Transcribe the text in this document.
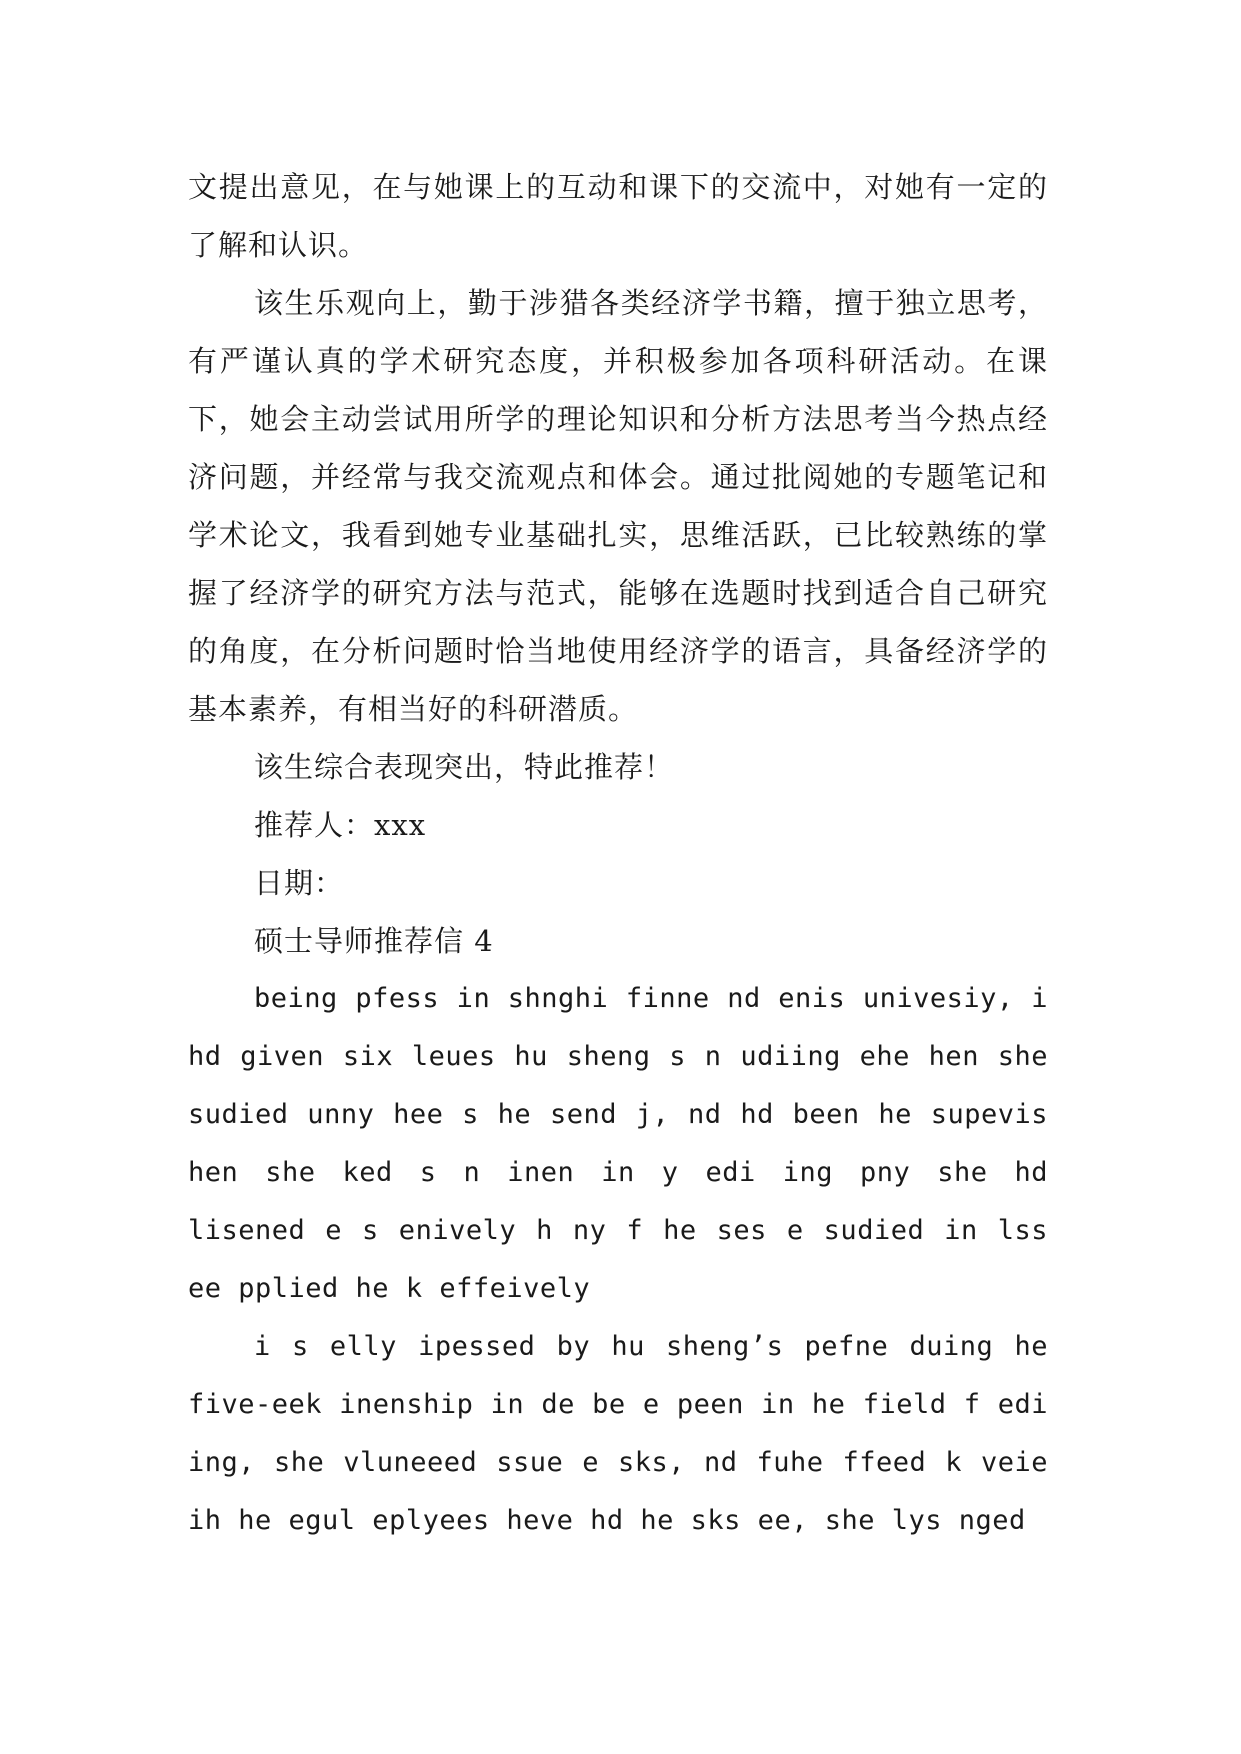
文提出意见，在与她课上的互动和课下的交流中，对她有一定的了解和认识。

该生乐观向上，勤于涉猎各类经济学书籍，擅于独立思考，有严谨认真的学术研究态度，并积极参加各项科研活动。在课下，她会主动尝试用所学的理论知识和分析方法思考当今热点经济问题，并经常与我交流观点和体会。通过批阅她的专题笔记和学术论文，我看到她专业基础扎实，思维活跃，已比较熟练的掌握了经济学的研究方法与范式，能够在选题时找到适合自己研究的角度，在分析问题时恰当地使用经济学的语言，具备经济学的基本素养，有相当好的科研潜质。

该生综合表现突出，特此推荐！

推荐人：xxx

日期：

硕士导师推荐信 4

being pfess in shnghi finne nd enis univesiy, i hd given six leues hu sheng s n udiing ehe hen she sudied unny hee s he send j, nd hd been he supevis hen she ked s n inen in y edi ing pny she hd lisened e s enively h ny f he ses e sudied in lss ee pplied he k effeively

i s elly ipessed by hu sheng’s pefne duing he five-eek inenship in de be e peen in he field f edi ing, she vluneeed ssue e sks, nd fuhe ffeed k veie ih he egul eplyees heve hd he sks ee, she lys nged
